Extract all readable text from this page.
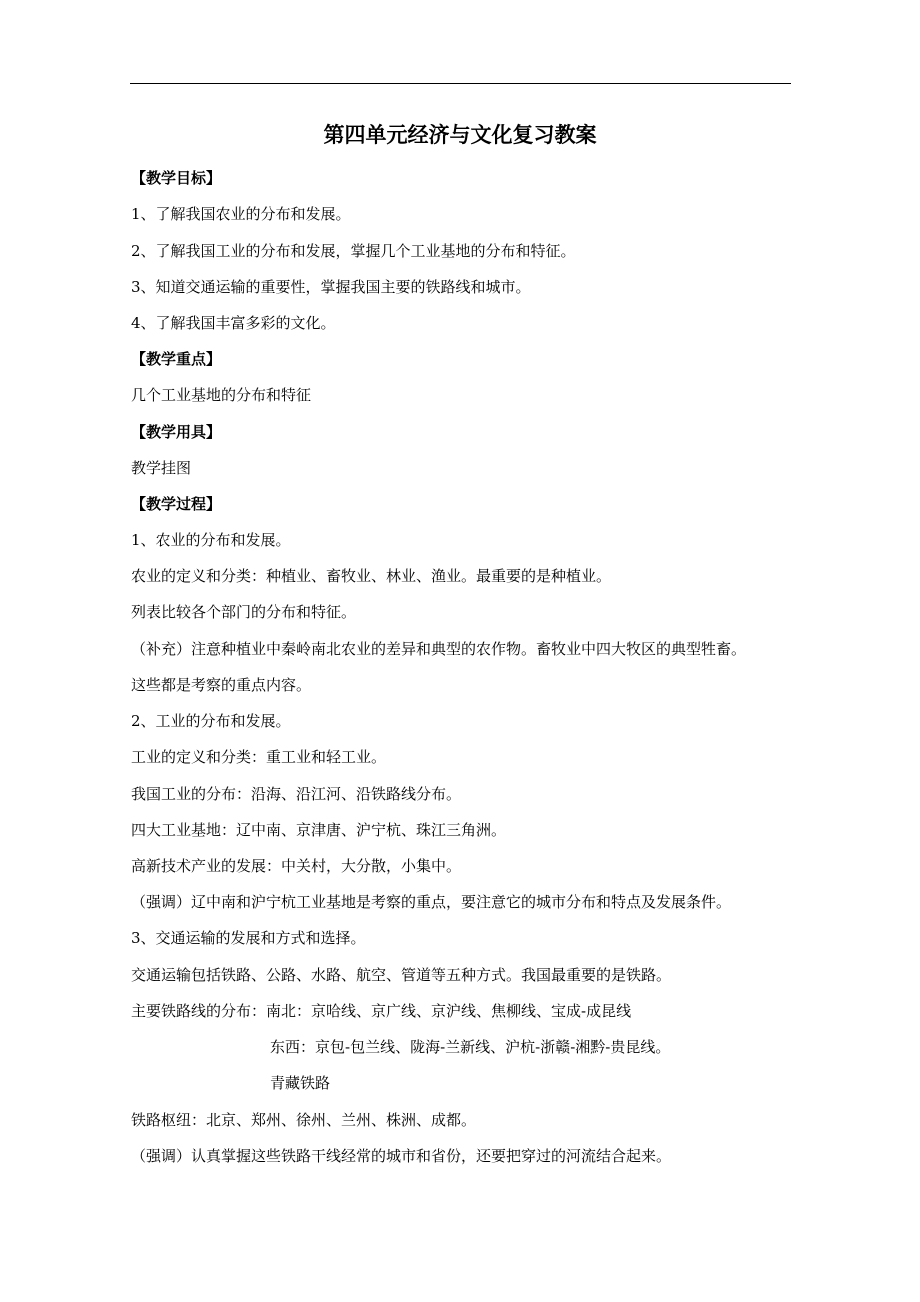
第四单元经济与文化复习教案

【教学目标】

1、了解我国农业的分布和发展。

2、了解我国工业的分布和发展，掌握几个工业基地的分布和特征。

3、知道交通运输的重要性，掌握我国主要的铁路线和城市。

4、了解我国丰富多彩的文化。

【教学重点】

几个工业基地的分布和特征

【教学用具】

教学挂图

【教学过程】

1、农业的分布和发展。

农业的定义和分类：种植业、畜牧业、林业、渔业。最重要的是种植业。

列表比较各个部门的分布和特征。

（补充）注意种植业中秦岭南北农业的差异和典型的农作物。畜牧业中四大牧区的典型牲畜。

这些都是考察的重点内容。

2、工业的分布和发展。

工业的定义和分类：重工业和轻工业。

我国工业的分布：沿海、沿江河、沿铁路线分布。

四大工业基地：辽中南、京津唐、沪宁杭、珠江三角洲。

高新技术产业的发展：中关村，大分散，小集中。

（强调）辽中南和沪宁杭工业基地是考察的重点，要注意它的城市分布和特点及发展条件。

3、交通运输的发展和方式和选择。

交通运输包括铁路、公路、水路、航空、管道等五种方式。我国最重要的是铁路。

主要铁路线的分布：南北：京哈线、京广线、京沪线、焦柳线、宝成-成昆线

东西：京包-包兰线、陇海-兰新线、沪杭-浙赣-湘黔-贵昆线。

青藏铁路

铁路枢纽：北京、郑州、徐州、兰州、株洲、成都。

（强调）认真掌握这些铁路干线经常的城市和省份，还要把穿过的河流结合起来。
